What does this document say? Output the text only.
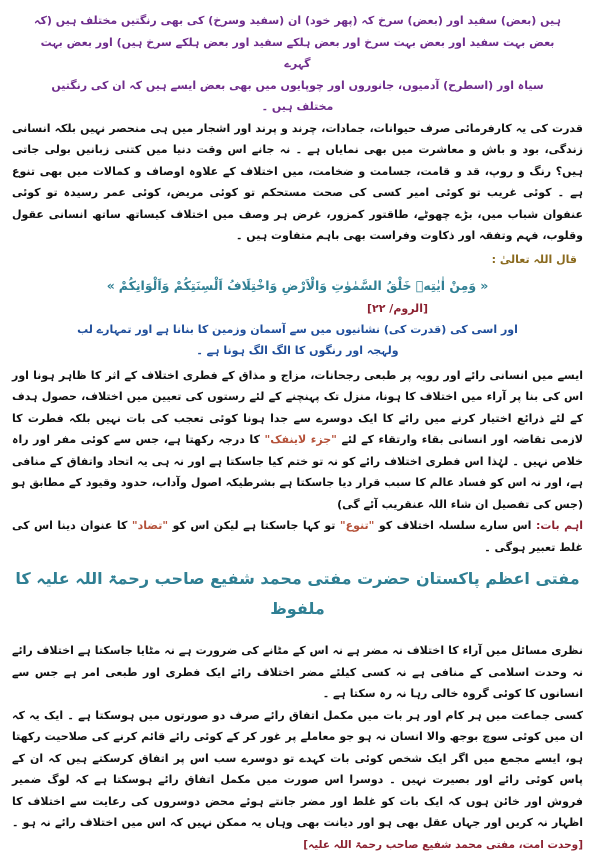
ہیں (بعض) سفید اور (بعض) سرخ کہ (پھر خود) ان (سفید وسرخ) کی بھی رنگتیں مختلف ہیں (کہ

بعض بہت سفید اور بعض بہت سرخ اور بعض ہلکے سفید اور بعض ہلکے سرخ ہیں) اور بعض بہت گہرے

سیاہ اور (اسطرح) آدمیوں، جانوروں اور چوپایوں میں بھی بعض ایسے ہیں کہ ان کی رنگتیں مختلف ہیں ۔

قدرت کی یہ کارفرمائی صرف حیوانات، جمادات، چرند و پرند اور اشجار میں ہی منحصر نہیں بلکہ انسانی زندگی، بود و باش و معاشرت میں بھی نمایاں ہے ۔ نہ جانے اس وقت دنیا میں کتنی زبانیں بولی جاتی ہیں؟ رنگ و روپ، قد و قامت، جسامت و ضخامت، میں اختلاف کے علاوہ اوصاف و کمالات میں بھی تنوع ہے ۔ کوئی غریب تو کوئی امیر کسی کی صحت مستحکم تو کوئی مریض، کوئی عمر رسیدہ تو کوئی عنفوان شباب میں، بڑے چھوٹے، طاقتور کمزور، غرض ہر وصف میں اختلاف کیساتھ ساتھ انسانی عقول وقلوب، فہم وتفقہ اور ذکاوت وفراست بھی باہم متفاوت ہیں ۔

قال اللہ تعالیٰ :

«وَمِنْ اٰيٰتِهٖ خَلْقُ السَّمٰوٰتِ وَالْاَرْضِ وَاخْتِلَافُ اَلْسِنَتِكُمْ وَاَلْوَانِكُمْ»

[الروم/ ۲۲]

اور اسی کی (قدرت کی) نشانیوں میں سے آسمان وزمین کا بنانا ہے اور تمہارے لب ولہجہ اور رنگوں کا الگ الگ ہونا ہے ۔

ایسے میں انسانی رائے اور رویہ پر طبعی رجحانات، مزاج و مذاق کے فطری اختلاف کے اثر کا ظاہر ہونا اور اس کی بنا پر آراء میں اختلاف کا ہونا، منزل تک پہنچنے کے لئے رستوں کی تعیین میں اختلاف، حصول ہدف کے لئے ذرائع اختیار کرنے میں رائے کا ایک دوسرے سے جدا ہونا کوئی تعجب کی بات نہیں بلکہ فطرت کا لازمی تقاضہ اور انسانی بقاء وارتقاء کے لئے "جزء لاینفک" کا درجہ رکھتا ہے، جس سے کوئی مفر اور راہ خلاص نہیں ۔ لہٰذا اس فطری اختلاف رائے کو نہ تو ختم کیا جاسکتا ہے اور نہ ہی یہ اتحاد واتفاق کے منافی ہے، اور نہ اس کو فساد عالم کا سبب قرار دیا جاسکتا ہے بشرطیکہ اصول وآداب، حدود وقیود کے مطابق ہو (جس کی تفصیل ان شاء اللہ عنقریب آئے گی)

اہم بات: اس سارے سلسلہ اختلاف کو "تنوع" تو کہا جاسکتا ہے لیکن اس کو "تضاد" کا عنوان دینا اس کی غلط تعبیر ہوگی ۔

مفتی اعظم پاکستان حضرت مفتی محمد شفیع صاحب رحمۃ اللہ علیہ کا ملفوظ

نظری مسائل میں آراء کا اختلاف نہ مضر ہے نہ اس کے مٹانے کی ضرورت ہے نہ مٹایا جاسکتا ہے اختلاف رائے نہ وحدت اسلامی کے منافی ہے نہ کسی کیلئے مضر اختلاف رائے ایک فطری اور طبعی امر ہے جس سے انسانوں کا کوئی گروہ خالی رہا نہ رہ سکتا ہے ۔

کسی جماعت میں ہر کام اور ہر بات میں مکمل اتفاق رائے صرف دو صورتوں میں ہوسکتا ہے ۔ ایک یہ کہ ان میں کوئی سوچ بوجھ والا انسان نہ ہو جو معاملے پر غور کر کے کوئی رائے قائم کرنے کی صلاحیت رکھتا ہو، ایسے مجمع میں اگر ایک شخص کوئی بات کہدے تو دوسرے سب اس پر اتفاق کرسکتے ہیں کہ ان کے پاس کوئی رائے اور بصیرت نہیں ۔ دوسرا اس صورت میں مکمل اتفاق رائے ہوسکتا ہے کہ لوگ ضمیر فروش اور خائن ہوں کہ ایک بات کو غلط اور مضر جانتے ہوئے محض دوسروں کی رعایت سے اختلاف کا اظہار نہ کریں اور جہاں عقل بھی ہو اور دیانت بھی وہاں یہ ممکن نہیں کہ اس میں اختلاف رائے نہ ہو ۔ [وحدت امت، مفتی محمد شفیع صاحب رحمۃ اللہ علیہ]
